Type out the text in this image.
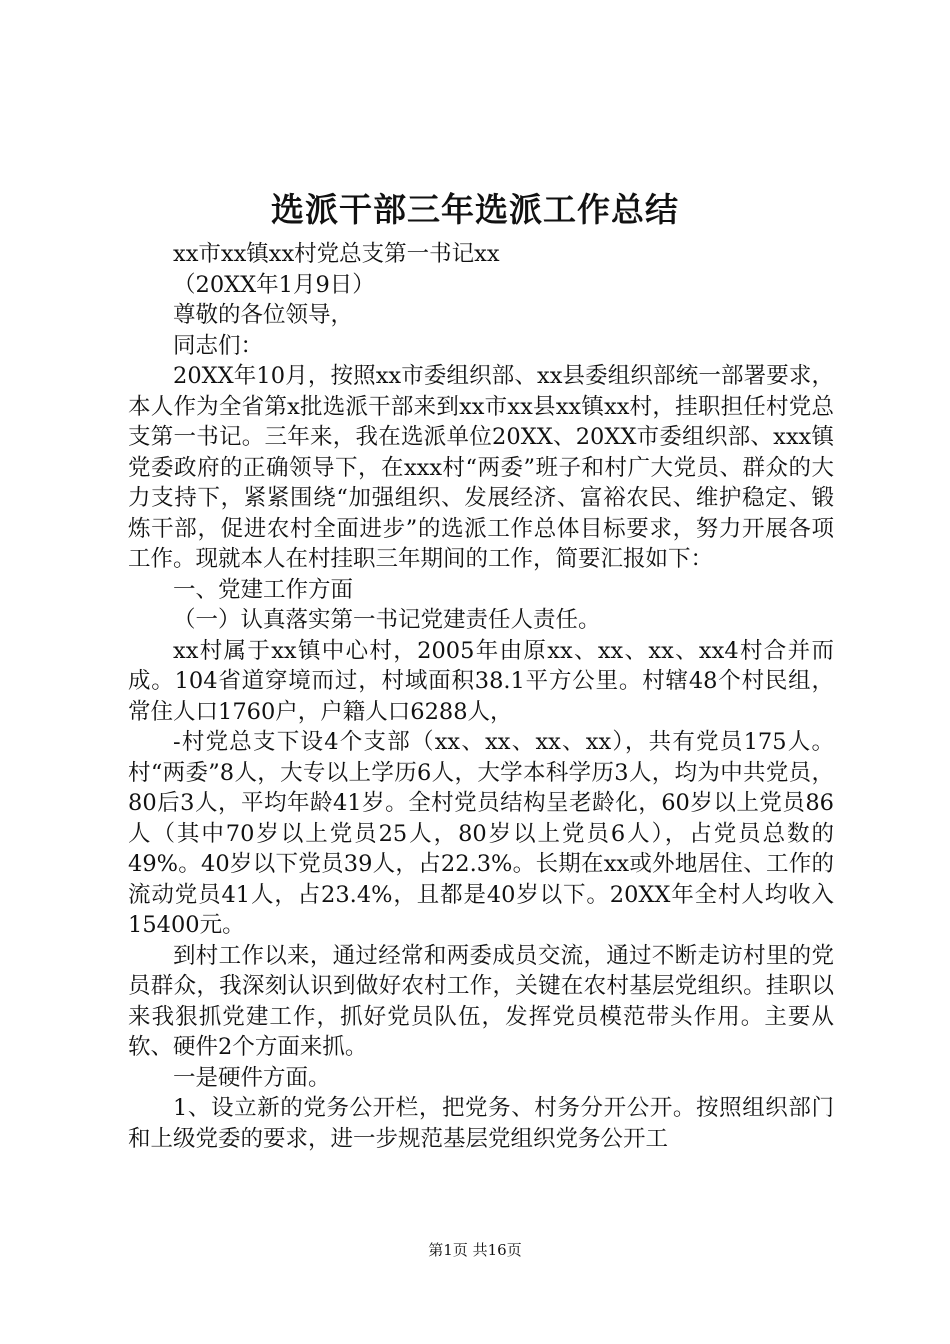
选派干部三年选派工作总结

xx市xx镇xx村党总支第一书记xx

（20XX年1月9日）

尊敬的各位领导，

同志们：

20XX年10月，按照xx市委组织部、xx县委组织部统一部署要求，本人作为全省第x批选派干部来到xx市xx县xx镇xx村，挂职担任村党总支第一书记。三年来，我在选派单位20XX、20XX市委组织部、xxx镇党委政府的正确领导下，在xxx村“两委”班子和村广大党员、群众的大力支持下，紧紧围绕“加强组织、发展经济、富裕农民、维护稳定、锻炼干部，促进农村全面进步”的选派工作总体目标要求，努力开展各项工作。现就本人在村挂职三年期间的工作，简要汇报如下：

一、党建工作方面

（一）认真落实第一书记党建责任人责任。

xx村属于xx镇中心村，2005年由原xx、xx、xx、xx4村合并而成。104省道穿境而过，村域面积38.1平方公里。村辖48个村民组，常住人口1760户，户籍人口6288人，

-村党总支下设4个支部（xx、xx、xx、xx），共有党员175人。村“两委”8人，大专以上学历6人，大学本科学历3人，均为中共党员，80后3人，平均年龄41岁。全村党员结构呈老龄化，60岁以上党员86人（其中70岁以上党员25人，80岁以上党员6人），占党员总数的49%。40岁以下党员39人，占22.3%。长期在xx或外地居住、工作的流动党员41人，占23.4%，且都是40岁以下。20XX年全村人均收入15400元。

到村工作以来，通过经常和两委成员交流，通过不断走访村里的党员群众，我深刻认识到做好农村工作，关键在农村基层党组织。挂职以来我狠抓党建工作，抓好党员队伍，发挥党员模范带头作用。主要从软、硬件2个方面来抓。

一是硬件方面。

1、设立新的党务公开栏，把党务、村务分开公开。按照组织部门和上级党委的要求，进一步规范基层党组织党务公开工

第1页 共16页
